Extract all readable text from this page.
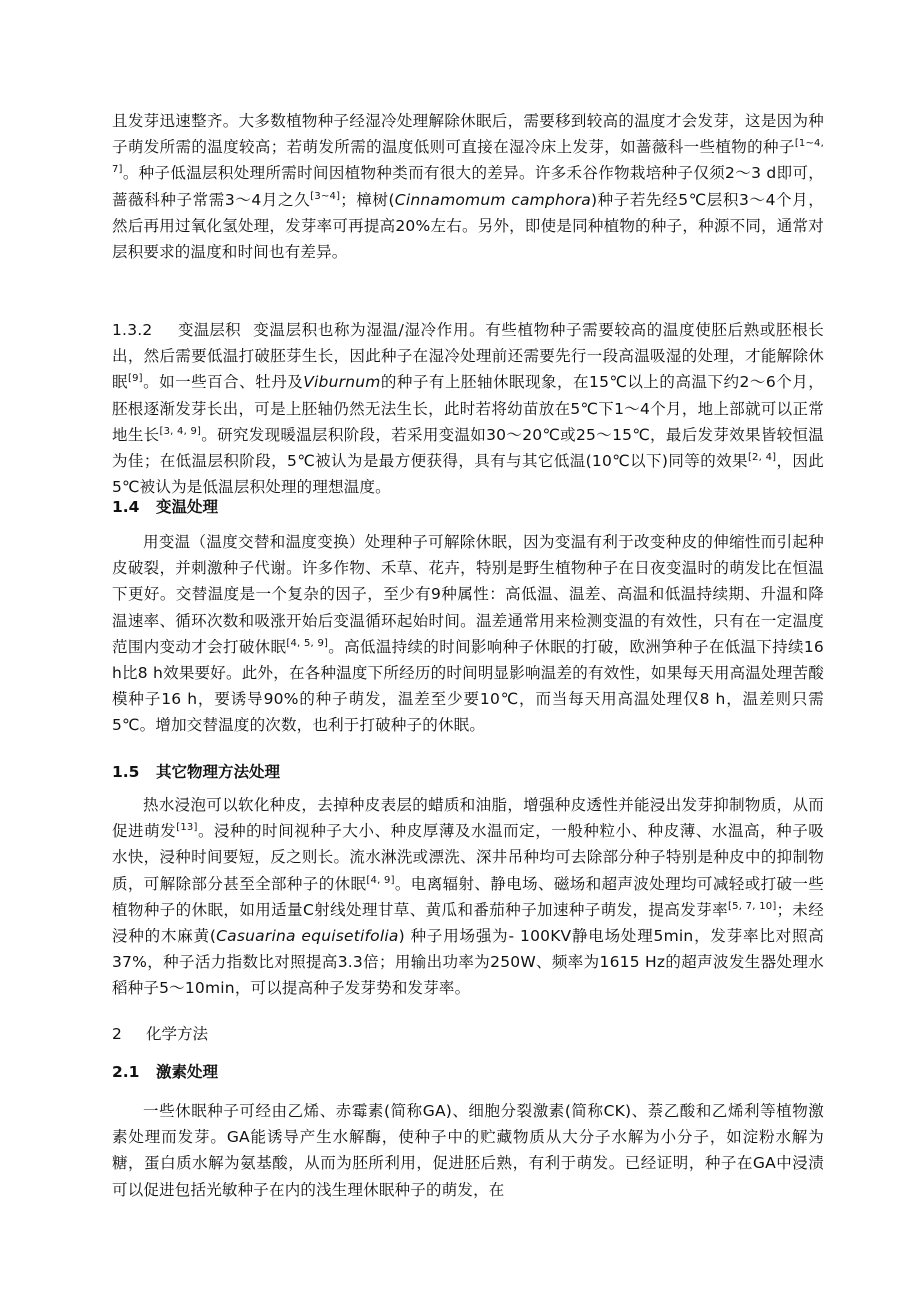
且发芽迅速整齐。大多数植物种子经湿冷处理解除休眠后，需要移到较高的温度才会发芽，这是因为种子萌发所需的温度较高；若萌发所需的温度低则可直接在湿冷床上发芽，如蔷薇科一些植物的种子[1~4, 7]。种子低温层积处理所需时间因植物种类而有很大的差异。许多禾谷作物栽培种子仅须2～3 d即可，蔷薇科种子常需3～4月之久[3~4]；樟树(Cinnamomum camphora)种子若先经5℃层积3～4个月，然后再用过氧化氢处理，发芽率可再提高20%左右。另外，即使是同种植物的种子，种源不同，通常对层积要求的温度和时间也有差异。

1.3.2 变温层积 变温层积也称为湿温/湿冷作用。有些植物种子需要较高的温度使胚后熟或胚根长出，然后需要低温打破胚芽生长，因此种子在湿冷处理前还需要先行一段高温吸湿的处理，才能解除休眠[9]。如一些百合、牡丹及Viburnum的种子有上胚轴休眠现象，在15℃以上的高温下约2～6个月，胚根逐渐发芽长出，可是上胚轴仍然无法生长，此时若将幼苗放在5℃下1～4个月，地上部就可以正常地生长[3, 4, 9]。研究发现暖温层积阶段，若采用变温如30～20℃或25～15℃，最后发芽效果皆较恒温为佳；在低温层积阶段，5℃被认为是最方便获得，具有与其它低温(10℃以下)同等的效果[2, 4]，因此5℃被认为是低温层积处理的理想温度。

1.4 变温处理

用变温（温度交替和温度变换）处理种子可解除休眠，因为变温有利于改变种皮的伸缩性而引起种皮破裂，并刺激种子代谢。许多作物、禾草、花卉，特别是野生植物种子在日夜变温时的萌发比在恒温下更好。交替温度是一个复杂的因子，至少有9种属性：高低温、温差、高温和低温持续期、升温和降温速率、循环次数和吸涨开始后变温循环起始时间。温差通常用来检测变温的有效性，只有在一定温度范围内变动才会打破休眠[4, 5, 9]。高低温持续的时间影响种子休眠的打破，欧洲笋种子在低温下持续16 h比8 h效果要好。此外，在各种温度下所经历的时间明显影响温差的有效性，如果每天用高温处理苦酸模种子16 h，要诱导90%的种子萌发，温差至少要10℃，而当每天用高温处理仅8 h，温差则只需5℃。增加交替温度的次数，也利于打破种子的休眠。

1.5 其它物理方法处理

热水浸泡可以软化种皮，去掉种皮表层的蜡质和油脂，增强种皮透性并能浸出发芽抑制物质，从而促进萌发[13]。浸种的时间视种子大小、种皮厚薄及水温而定，一般种粒小、种皮薄、水温高，种子吸水快，浸种时间要短，反之则长。流水淋洗或漂洗、深井吊种均可去除部分种子特别是种皮中的抑制物质，可解除部分甚至全部种子的休眠[4, 9]。电离辐射、静电场、磁场和超声波处理均可减轻或打破一些植物种子的休眠，如用适量C射线处理甘草、黄瓜和番茄种子加速种子萌发，提高发芽率[5, 7, 10]；未经浸种的木麻黄(Casuarina equisetifolia) 种子用场强为- 100KV静电场处理5min，发芽率比对照高37%，种子活力指数比对照提高3.3倍；用输出功率为250W、频率为1615 Hz的超声波发生器处理水稻种子5～10min，可以提高种子发芽势和发芽率。

2 化学方法
2.1 激素处理

一些休眠种子可经由乙烯、赤霉素(简称GA)、细胞分裂激素(简称CK)、萘乙酸和乙烯利等植物激素处理而发芽。GA能诱导产生水解酶，使种子中的贮藏物质从大分子水解为小分子，如淀粉水解为糖，蛋白质水解为氨基酸，从而为胚所利用，促进胚后熟，有利于萌发。已经证明，种子在GA中浸渍可以促进包括光敏种子在内的浅生理休眠种子的萌发，在
